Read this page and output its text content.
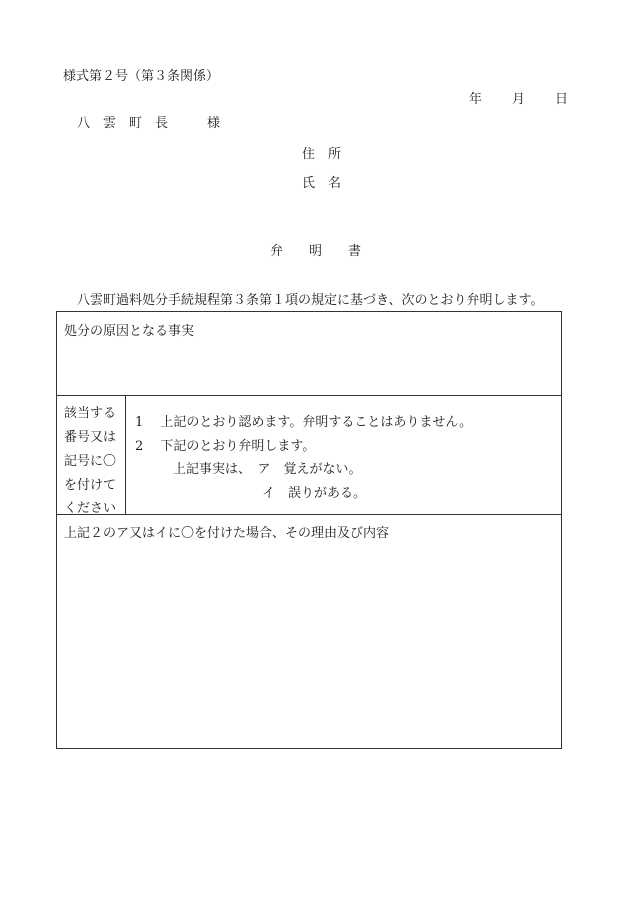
様式第２号（第３条関係）
年 月 日
八　雲　町　長　　　様
住　所
氏　名
弁　　明　　書
八雲町過料処分手続規程第３条第１項の規定に基づき、次のとおり弁明します。
処分の原因となる事実
該当する
番号又は
記号に〇
を付けて
ください
1　 上記のとおり認めます。弁明することはありません。
2　 下記のとおり弁明します。
上記事実は、　ア　覚えがない。
イ　誤りがある。
上記２のア又はイに〇を付けた場合、その理由及び内容
